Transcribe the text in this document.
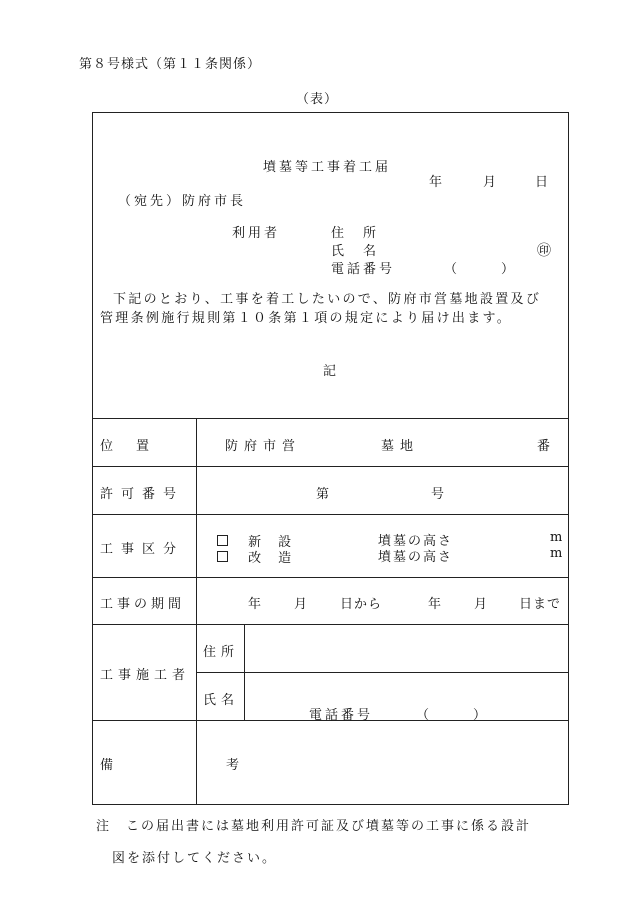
第８号様式（第１１条関係）
（表）
墳墓等工事着工届
年	月	日
（宛先）防府市長
利用者	住　所
氏　名	㊞
電話番号	（　　）
下記のとおり、工事を着工したいので、防府市営墓地設置及び管理条例施行規則第１０条第１項の規定により届け出ます。
記
位　置	防府市営	墓地	番
許可番号	第	号
工事区分	新　設	墳墓の高さ	m
改　造	墳墓の高さ	m
工事の期間	年	月	日から	年	月 日まで
工事施工者
住所
氏名
電話番号	（　　）
備　考
注　この届出書には墓地利用許可証及び墳墓等の工事に係る設計
図を添付してください。
